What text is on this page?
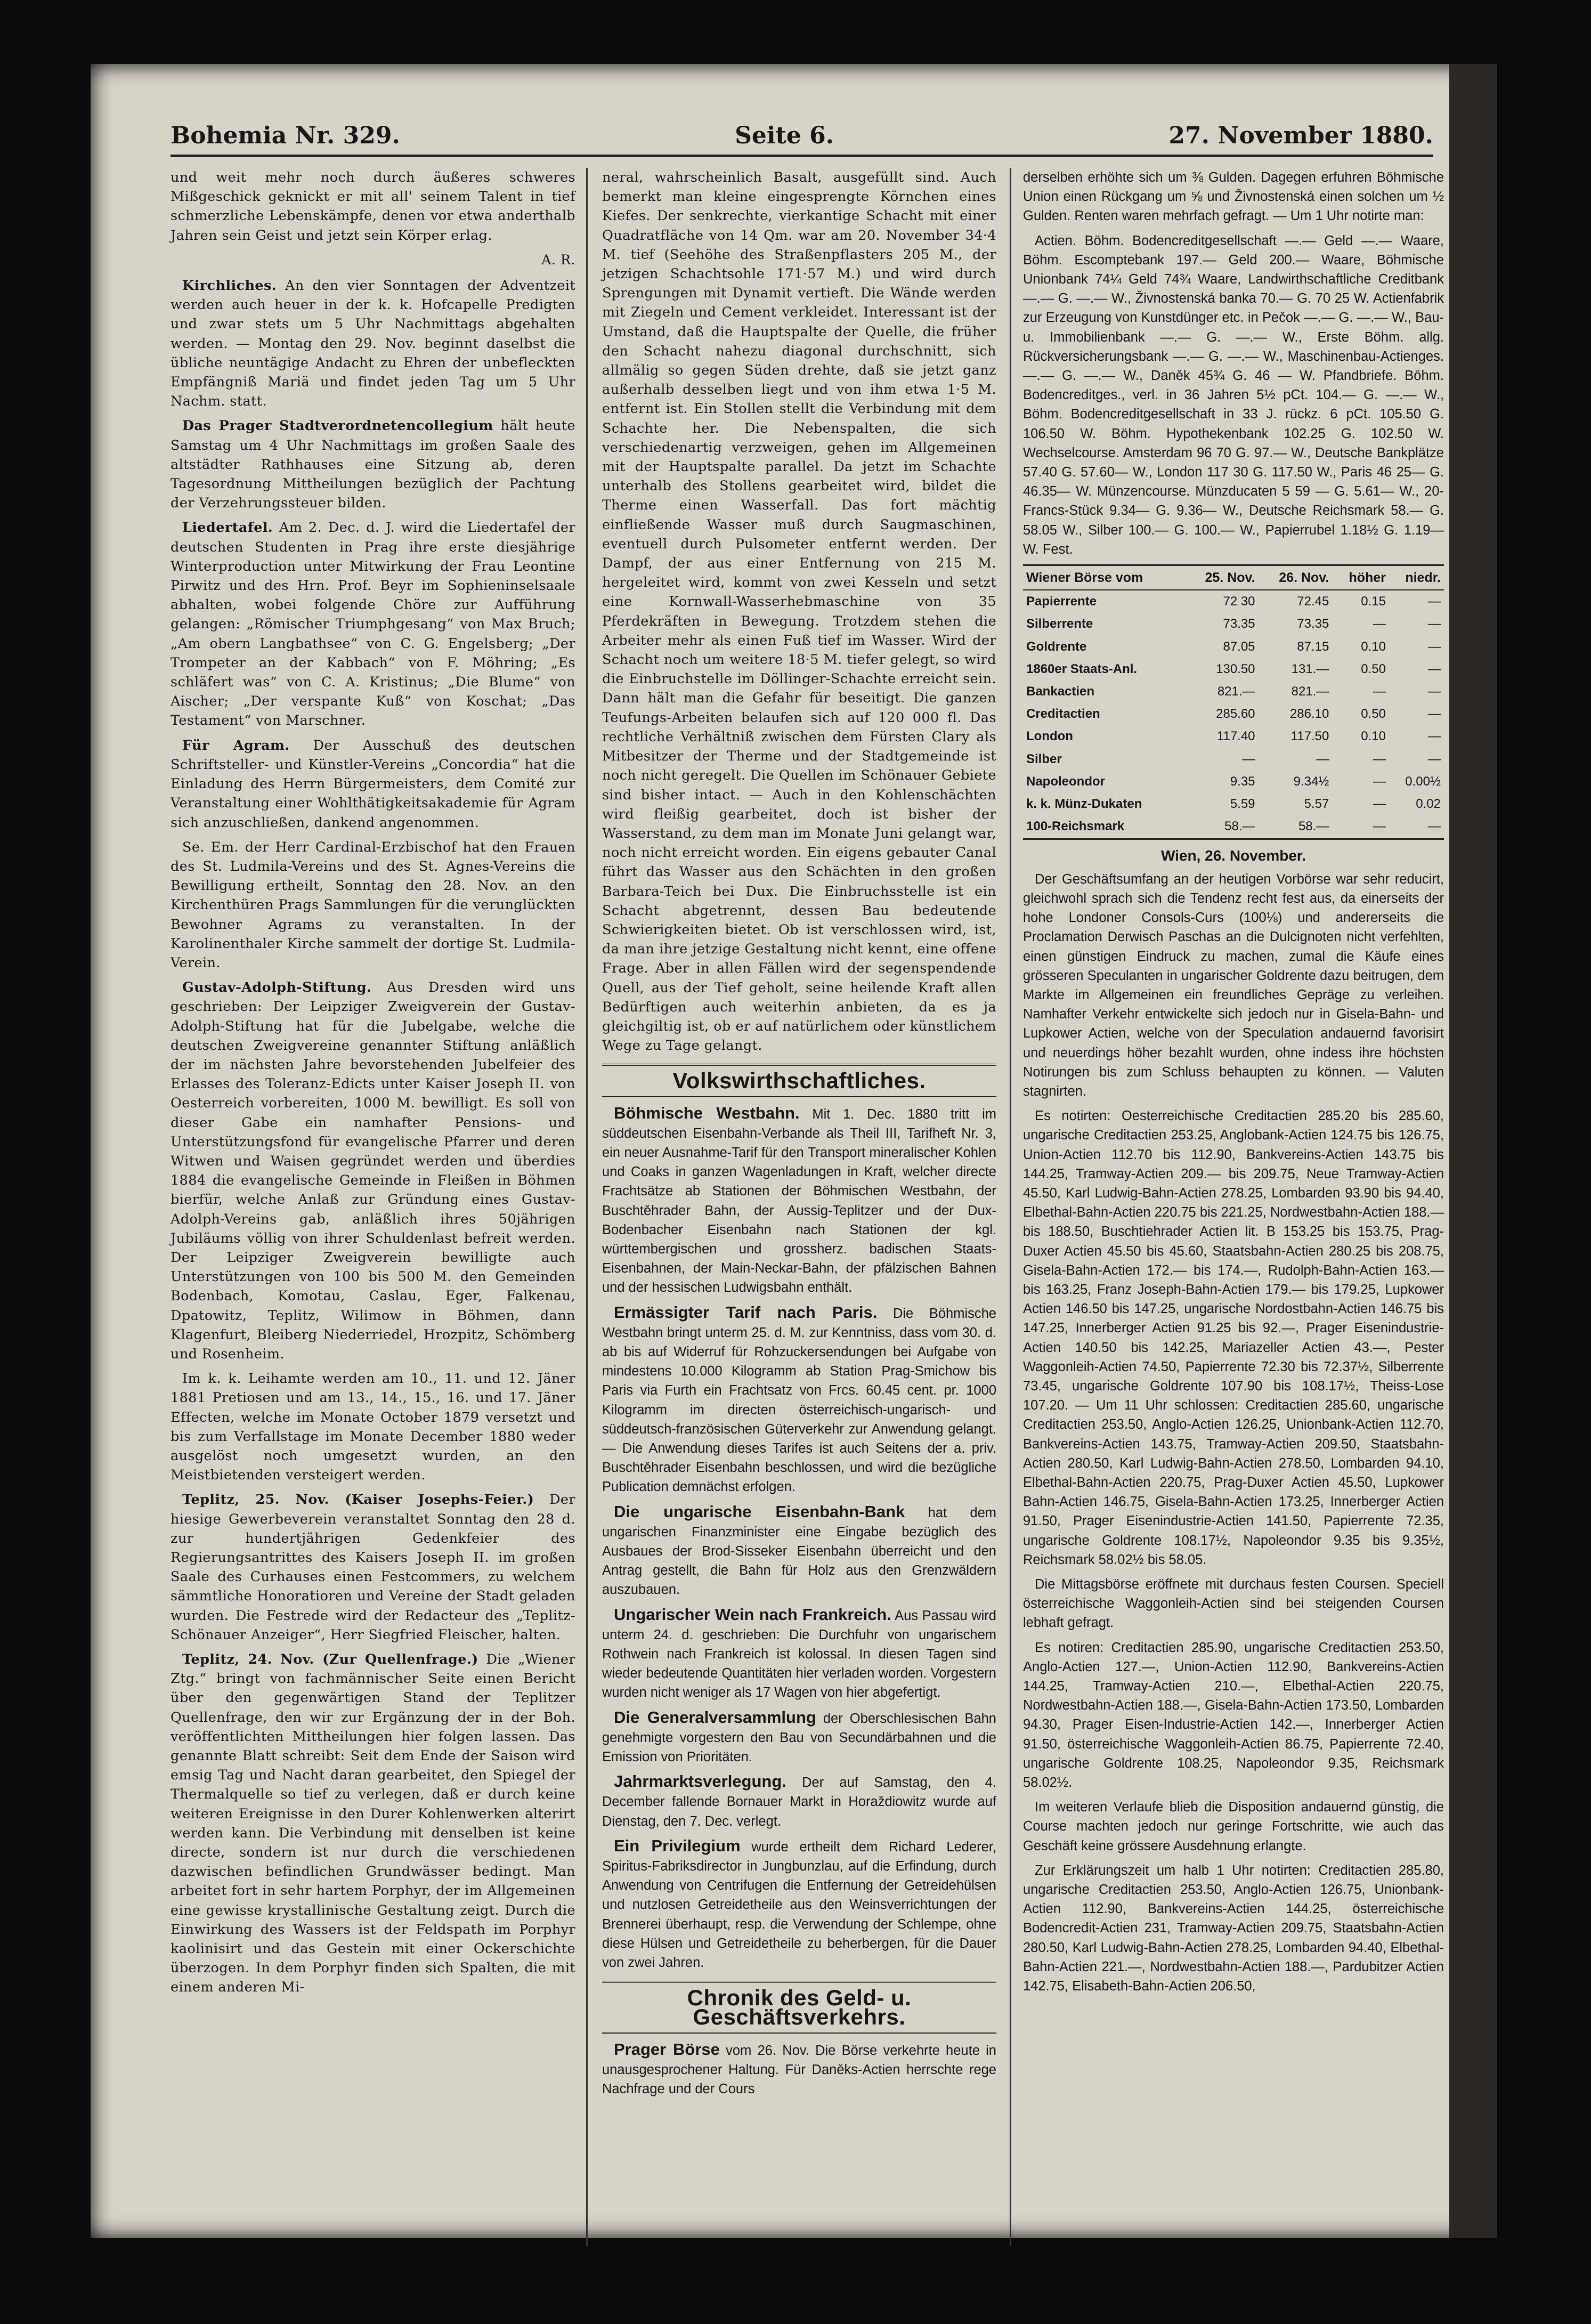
Bohemia Nr. 329.	Seite 6.	27. November 1880.

und weit mehr noch durch äußeres schweres Mißgeschick geknickt er mit all' seinem Talent in tief schmerzliche Lebenskämpfe, denen vor etwa anderthalb Jahren sein Geist und jetzt sein Körper erlag.

A. R.

Kirchliches. An den vier Sonntagen der Adventzeit werden auch heuer in der k. k. Hofcapelle Predigten und zwar stets um 5 Uhr Nachmittags abgehalten werden. — Montag den 29. Nov. beginnt daselbst die übliche neuntägige Andacht zu Ehren der unbefleckten Empfängniß Mariä und findet jeden Tag um 5 Uhr Nachm. statt.

Das Prager Stadtverordnetencollegium hält heute Samstag um 4 Uhr Nachmittags im großen Saale des altstädter Rathhauses eine Sitzung ab, deren Tagesordnung Mittheilungen bezüglich der Pachtung der Verzehrungssteuer bilden.

Liedertafel. Am 2. Dec. d. J. wird die Liedertafel der deutschen Studenten in Prag ihre erste diesjährige Winterproduction unter Mitwirkung der Frau Leontine Pirwitz und des Hrn. Prof. Beyr im Sophieninselsaale abhalten, wobei folgende Chöre zur Aufführung gelangen: „Römischer Triumphgesang“ von Max Bruch; „Am obern Langbathsee“ von C. G. Engelsberg; „Der Trompeter an der Kabbach“ von F. Möhring; „Es schläfert was“ von C. A. Kristinus; „Die Blume“ von Aischer; „Der verspante Kuß“ von Koschat; „Das Testament“ von Marschner.

Für Agram. Der Ausschuß des deutschen Schriftsteller- und Künstler-Vereins „Concordia“ hat die Einladung des Herrn Bürgermeisters, dem Comité zur Veranstaltung einer Wohlthätigkeitsakademie für Agram sich anzuschließen, dankend angenommen.

Se. Em. der Herr Cardinal-Erzbischof hat den Frauen des St. Ludmila-Vereins und des St. Agnes-Vereins die Bewilligung ertheilt, Sonntag den 28. Nov. an den Kirchenthüren Prags Sammlungen für die verunglückten Bewohner Agrams zu veranstalten. In der Karolinenthaler Kirche sammelt der dortige St. Ludmila-Verein.

Gustav-Adolph-Stiftung. Aus Dresden wird uns geschrieben: Der Leipziger Zweigverein der Gustav-Adolph-Stiftung hat für die Jubelgabe, welche die deutschen Zweigvereine genannter Stiftung anläßlich der im nächsten Jahre bevorstehenden Jubelfeier des Erlasses des Toleranz-Edicts unter Kaiser Joseph II. von Oesterreich vorbereiten, 1000 M. bewilligt. Es soll von dieser Gabe ein namhafter Pensions- und Unterstützungsfond für evangelische Pfarrer und deren Witwen und Waisen gegründet werden und überdies 1884 die evangelische Gemeinde in Fleißen in Böhmen bierfür, welche Anlaß zur Gründung eines Gustav-Adolph-Vereins gab, anläßlich ihres 50jährigen Jubiläums völlig von ihrer Schuldenlast befreit werden. Der Leipziger Zweigverein bewilligte auch Unterstützungen von 100 bis 500 M. den Gemeinden Bodenbach, Komotau, Caslau, Eger, Falkenau, Dpatowitz, Teplitz, Wilimow in Böhmen, dann Klagenfurt, Bleiberg Niederriedel, Hrozpitz, Schömberg und Rosenheim.

Im k. k. Leihamte werden am 10., 11. und 12. Jäner 1881 Pretiosen und am 13., 14., 15., 16. und 17. Jäner Effecten, welche im Monate October 1879 versetzt und bis zum Verfallstage im Monate December 1880 weder ausgelöst noch umgesetzt wurden, an den Meistbietenden versteigert werden.

Teplitz, 25. Nov. (Kaiser Josephs-Feier.) Der hiesige Gewerbeverein veranstaltet Sonntag den 28 d. zur hundertjährigen Gedenkfeier des Regierungsantrittes des Kaisers Joseph II. im großen Saale des Curhauses einen Festcommers, zu welchem sämmtliche Honoratioren und Vereine der Stadt geladen wurden. Die Festrede wird der Redacteur des „Teplitz-Schönauer Anzeiger“, Herr Siegfried Fleischer, halten.

Teplitz, 24. Nov. (Zur Quellenfrage.) Die „Wiener Ztg.“ bringt von fachmännischer Seite einen Bericht über den gegenwärtigen Stand der Teplitzer Quellenfrage, den wir zur Ergänzung der in der Boh. veröffentlichten Mittheilungen hier folgen lassen. Das genannte Blatt schreibt: Seit dem Ende der Saison wird emsig Tag und Nacht daran gearbeitet, den Spiegel der Thermalquelle so tief zu verlegen, daß er durch keine weiteren Ereignisse in den Durer Kohlenwerken alterirt werden kann. Die Verbindung mit denselben ist keine directe, sondern ist nur durch die verschiedenen dazwischen befindlichen Grundwässer bedingt. Man arbeitet fort in sehr hartem Porphyr, der im Allgemeinen eine gewisse krystallinische Gestaltung zeigt. Durch die Einwirkung des Wassers ist der Feldspath im Porphyr kaolinisirt und das Gestein mit einer Ockerschichte überzogen. In dem Porphyr finden sich Spalten, die mit einem anderen Mi-

neral, wahrscheinlich Basalt, ausgefüllt sind. Auch bemerkt man kleine eingesprengte Körnchen eines Kiefes. Der senkrechte, vierkantige Schacht mit einer Quadratfläche von 14 Qm. war am 20. November 34·4 M. tief (Seehöhe des Straßenpflasters 205 M., der jetzigen Schachtsohle 171·57 M.) und wird durch Sprengungen mit Dynamit vertieft. Die Wände werden mit Ziegeln und Cement verkleidet. Interessant ist der Umstand, daß die Hauptspalte der Quelle, die früher den Schacht nahezu diagonal durchschnitt, sich allmälig so gegen Süden drehte, daß sie jetzt ganz außerhalb desselben liegt und von ihm etwa 1·5 M. entfernt ist. Ein Stollen stellt die Verbindung mit dem Schachte her. Die Nebenspalten, die sich verschiedenartig verzweigen, gehen im Allgemeinen mit der Hauptspalte parallel. Da jetzt im Schachte unterhalb des Stollens gearbeitet wird, bildet die Therme einen Wasserfall. Das fort mächtig einfließende Wasser muß durch Saugmaschinen, eventuell durch Pulsometer entfernt werden. Der Dampf, der aus einer Entfernung von 215 M. hergeleitet wird, kommt von zwei Kesseln und setzt eine Kornwall-Wasserhebmaschine von 35 Pferdekräften in Bewegung. Trotzdem stehen die Arbeiter mehr als einen Fuß tief im Wasser. Wird der Schacht noch um weitere 18·5 M. tiefer gelegt, so wird die Einbruchstelle im Döllinger-Schachte erreicht sein. Dann hält man die Gefahr für beseitigt. Die ganzen Teufungs-Arbeiten belaufen sich auf 120 000 fl. Das rechtliche Verhältniß zwischen dem Fürsten Clary als Mitbesitzer der Therme und der Stadtgemeinde ist noch nicht geregelt. Die Quellen im Schönauer Gebiete sind bisher intact. — Auch in den Kohlenschächten wird fleißig gearbeitet, doch ist bisher der Wasserstand, zu dem man im Monate Juni gelangt war, noch nicht erreicht worden. Ein eigens gebauter Canal führt das Wasser aus den Schächten in den großen Barbara-Teich bei Dux. Die Einbruchsstelle ist ein Schacht abgetrennt, dessen Bau bedeutende Schwierigkeiten bietet. Ob ist verschlossen wird, ist, da man ihre jetzige Gestaltung nicht kennt, eine offene Frage. Aber in allen Fällen wird der segenspendende Quell, aus der Tief geholt, seine heilende Kraft allen Bedürftigen auch weiterhin anbieten, da es ja gleichgiltig ist, ob er auf natürlichem oder künstlichem Wege zu Tage gelangt.

Volkswirthschaftliches.

Böhmische Westbahn. Mit 1. Dec. 1880 tritt im süddeutschen Eisenbahn-Verbande als Theil III, Tarifheft Nr. 3, ein neuer Ausnahme-Tarif für den Transport mineralischer Kohlen und Coaks in ganzen Wagenladungen in Kraft, welcher directe Frachtsätze ab Stationen der Böhmischen Westbahn, der Buschtěhrader Bahn, der Aussig-Teplitzer und der Dux-Bodenbacher Eisenbahn nach Stationen der kgl. württembergischen und grossherz. badischen Staats-Eisenbahnen, der Main-Neckar-Bahn, der pfälzischen Bahnen und der hessischen Ludwigsbahn enthält.

Ermässigter Tarif nach Paris. Die Böhmische Westbahn bringt unterm 25. d. M. zur Kenntniss, dass vom 30. d. ab bis auf Widerruf für Rohzuckersendungen bei Aufgabe von mindestens 10.000 Kilogramm ab Station Prag-Smichow bis Paris via Furth ein Frachtsatz von Frcs. 60.45 cent. pr. 1000 Kilogramm im directen österreichisch-ungarisch- und süddeutsch-französischen Güterverkehr zur Anwendung gelangt. — Die Anwendung dieses Tarifes ist auch Seitens der a. priv. Buschtěhrader Eisenbahn beschlossen, und wird die bezügliche Publication demnächst erfolgen.

Die ungarische Eisenbahn-Bank hat dem ungarischen Finanzminister eine Eingabe bezüglich des Ausbaues der Brod-Sisseker Eisenbahn überreicht und den Antrag gestellt, die Bahn für Holz aus den Grenzwäldern auszubauen.

Ungarischer Wein nach Frankreich. Aus Passau wird unterm 24. d. geschrieben: Die Durchfuhr von ungarischem Rothwein nach Frankreich ist kolossal. In diesen Tagen sind wieder bedeutende Quantitäten hier verladen worden. Vorgestern wurden nicht weniger als 17 Wagen von hier abgefertigt.

Die Generalversammlung der Oberschlesischen Bahn genehmigte vorgestern den Bau von Secundärbahnen und die Emission von Prioritäten.

Jahrmarktsverlegung. Der auf Samstag, den 4. December fallende Bornauer Markt in Horaždiowitz wurde auf Dienstag, den 7. Dec. verlegt.

Ein Privilegium wurde ertheilt dem Richard Lederer, Spiritus-Fabriksdirector in Jungbunzlau, auf die Erfindung, durch Anwendung von Centrifugen die Entfernung der Getreidehülsen und nutzlosen Getreidetheile aus den Weinsverrichtungen der Brennerei überhaupt, resp. die Verwendung der Schlempe, ohne diese Hülsen und Getreidetheile zu beherbergen, für die Dauer von zwei Jahren.

Chronik des Geld- u. Geschäftsverkehrs.

Prager Börse vom 26. Nov. Die Börse verkehrte heute in unausgesprochener Haltung. Für Daněks-Actien herrschte rege Nachfrage und der Cours

derselben erhöhte sich um ⅜ Gulden. Dagegen erfuhren Böhmische Union einen Rückgang um ⅝ und Živnostenská einen solchen um ½ Gulden. Renten waren mehrfach gefragt. — Um 1 Uhr notirte man:

Actien. Böhm. Bodencreditgesellschaft —.— Geld —.— Waare, Böhm. Escomptebank 197.— Geld 200.— Waare, Böhmische Unionbank 74¼ Geld 74¾ Waare, Landwirthschaftliche Creditbank —.— G. —.— W., Živnostenská banka 70.— G. 70 25 W. Actienfabrik zur Erzeugung von Kunstdünger etc. in Pečok —.— G. —.— W., Bau- u. Immobilienbank —.— G. —.— W., Erste Böhm. allg. Rückversicherungsbank —.— G. —.— W., Maschinenbau-Actienges. —.— G. —.— W., Daněk 45¾ G. 46 — W. Pfandbriefe. Böhm. Bodencreditges., verl. in 36 Jahren 5½ pCt. 104.— G. —.— W., Böhm. Bodencreditgesellschaft in 33 J. rückz. 6 pCt. 105.50 G. 106.50 W. Böhm. Hypothekenbank 102.25 G. 102.50 W. Wechselcourse. Amsterdam 96 70 G. 97.— W., Deutsche Bankplätze 57.40 G. 57.60— W., London 117 30 G. 117.50 W., Paris 46 25— G. 46.35— W. Münzencourse. Münzducaten 5 59 — G. 5.61— W., 20-Francs-Stück 9.34— G. 9.36— W., Deutsche Reichsmark 58.— G. 58.05 W., Silber 100.— G. 100.— W., Papierrubel 1.18½ G. 1.19— W. Fest.

Wiener Börse vom	25. Nov.	26. Nov.	höher	niedr.
Papierrente	72 30	72.45	0.15	—
Silberrente	73.35	73.35	—	—
Goldrente	87.05	87.15	0.10	—
1860er Staats-Anl.	130.50	131.—	0.50	—
Bankactien	821.—	821.—	—	—
Creditactien	285.60	286.10	0.50	—
London	117.40	117.50	0.10	—
Silber	—	—	—	—
Napoleondor	9.35	9.34½	—	0.00½
k. k. Münz-Dukaten	5.59	5.57	—	0.02
100-Reichsmark	58.—	58.—	—	—

Wien, 26. November.

Der Geschäftsumfang an der heutigen Vorbörse war sehr reducirt, gleichwohl sprach sich die Tendenz recht fest aus, da einerseits der hohe Londoner Consols-Curs (100⅛) und andererseits die Proclamation Derwisch Paschas an die Dulcignoten nicht verfehlten, einen günstigen Eindruck zu machen, zumal die Käufe eines grösseren Speculanten in ungarischer Goldrente dazu beitrugen, dem Markte im Allgemeinen ein freundliches Gepräge zu verleihen. Namhafter Verkehr entwickelte sich jedoch nur in Gisela-Bahn- und Lupkower Actien, welche von der Speculation andauernd favorisirt und neuerdings höher bezahlt wurden, ohne indess ihre höchsten Notirungen bis zum Schluss behaupten zu können. — Valuten stagnirten.

Es notirten: Oesterreichische Creditactien 285.20 bis 285.60, ungarische Creditactien 253.25, Anglobank-Actien 124.75 bis 126.75, Union-Actien 112.70 bis 112.90, Bankvereins-Actien 143.75 bis 144.25, Tramway-Actien 209.— bis 209.75, Neue Tramway-Actien 45.50, Karl Ludwig-Bahn-Actien 278.25, Lombarden 93.90 bis 94.40, Elbethal-Bahn-Actien 220.75 bis 221.25, Nordwestbahn-Actien 188.— bis 188.50, Buschtiehrader Actien lit. B 153.25 bis 153.75, Prag-Duxer Actien 45.50 bis 45.60, Staatsbahn-Actien 280.25 bis 208.75, Gisela-Bahn-Actien 172.— bis 174.—, Rudolph-Bahn-Actien 163.— bis 163.25, Franz Joseph-Bahn-Actien 179.— bis 179.25, Lupkower Actien 146.50 bis 147.25, ungarische Nordostbahn-Actien 146.75 bis 147.25, Innerberger Actien 91.25 bis 92.—, Prager Eisenindustrie-Actien 140.50 bis 142.25, Mariazeller Actien 43.—, Pester Waggonleih-Actien 74.50, Papierrente 72.30 bis 72.37½, Silberrente 73.45, ungarische Goldrente 107.90 bis 108.17½, Theiss-Lose 107.20. — Um 11 Uhr schlossen: Creditactien 285.60, ungarische Creditactien 253.50, Anglo-Actien 126.25, Unionbank-Actien 112.70, Bankvereins-Actien 143.75, Tramway-Actien 209.50, Staatsbahn-Actien 280.50, Karl Ludwig-Bahn-Actien 278.50, Lombarden 94.10, Elbethal-Bahn-Actien 220.75, Prag-Duxer Actien 45.50, Lupkower Bahn-Actien 146.75, Gisela-Bahn-Actien 173.25, Innerberger Actien 91.50, Prager Eisenindustrie-Actien 141.50, Papierrente 72.35, ungarische Goldrente 108.17½, Napoleondor 9.35 bis 9.35½, Reichsmark 58.02½ bis 58.05.

Die Mittagsbörse eröffnete mit durchaus festen Coursen. Speciell österreichische Waggonleih-Actien sind bei steigenden Coursen lebhaft gefragt.

Es notiren: Creditactien 285.90, ungarische Creditactien 253.50, Anglo-Actien 127.—, Union-Actien 112.90, Bankvereins-Actien 144.25, Tramway-Actien 210.—, Elbethal-Actien 220.75, Nordwestbahn-Actien 188.—, Gisela-Bahn-Actien 173.50, Lombarden 94.30, Prager Eisen-Industrie-Actien 142.—, Innerberger Actien 91.50, österreichische Waggonleih-Actien 86.75, Papierrente 72.40, ungarische Goldrente 108.25, Napoleondor 9.35, Reichsmark 58.02½.

Im weiteren Verlaufe blieb die Disposition andauernd günstig, die Course machten jedoch nur geringe Fortschritte, wie auch das Geschäft keine grössere Ausdehnung erlangte.

Zur Erklärungszeit um halb 1 Uhr notirten: Creditactien 285.80, ungarische Creditactien 253.50, Anglo-Actien 126.75, Unionbank-Actien 112.90, Bankvereins-Actien 144.25, österreichische Bodencredit-Actien 231, Tramway-Actien 209.75, Staatsbahn-Actien 280.50, Karl Ludwig-Bahn-Actien 278.25, Lombarden 94.40, Elbethal-Bahn-Actien 221.—, Nordwestbahn-Actien 188.—, Pardubitzer Actien 142.75, Elisabeth-Bahn-Actien 206.50,
